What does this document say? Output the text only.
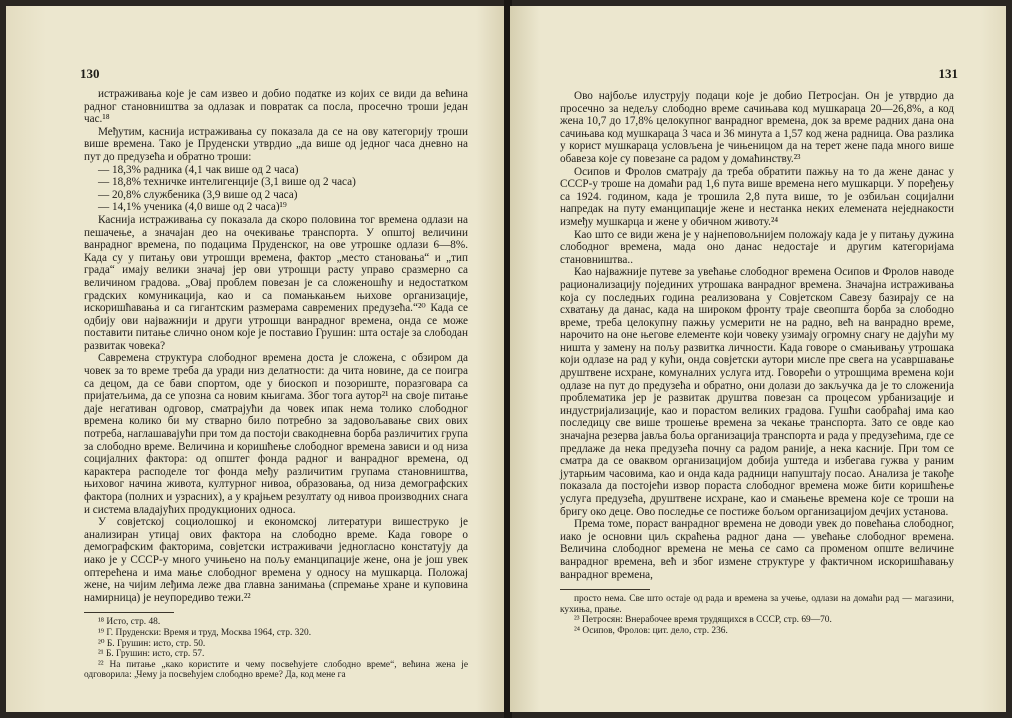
130

истраживања које је сам извео и добио податке из којих се види да већина радног становништва за одлазак и повратак са посла, просечно троши један час.¹⁸

Међутим, каснија истраживања су показала да се на ову категорију троши више времена. Тако је Пруденски утврдио „да више од једног часа дневно на пут до предузећа и обратно троши:

— 18,3% радника (4,1 чак више од 2 часа)
— 18,8% техничке интелигенције (3,1 више од 2 часа)
— 20,8% службеника (3,9 више од 2 часа)
— 14,1% ученика (4,0 више од 2 часа)¹⁹

Каснија истраживања су показала да скоро половина тог времена одлази на пешачење, а значајан део на очекивање транспорта. У општој величини ванрадног времена, по подацима Пруденског, на ове утрошке одлази 6—8%. Када су у питању ови утрошци времена, фактор „место становања“ и „тип града“ имају велики значај јер ови утрошци расту управо сразмерно са величином градова. „Овај проблем повезан је са сложеношћу и недостатком градских комуникација, као и са помањкањем њихове организације, искоришћавања и са гигантским размерама савремених предузећа.“²⁰ Када се одбију ови најважнији и други утрошци ванрадног времена, онда се може поставити питање слично оном које је поставио Грушин: шта остаје за слободан развитак човека?

Савремена структура слободног времена доста је сложена, с обзиром да човек за то време треба да уради низ делатности: да чита новине, да се поигра са децом, да се бави спортом, оде у биоскоп и позориште, поразговара са пријатељима, да се упозна са новим књигама. Због тога аутор²¹ на своје питање даје негативан одговор, сматрајући да човек ипак нема толико слободног времена колико би му стварно било потребно за задовољавање свих ових потреба, наглашавајући при том да постоји свакодневна борба различитих група за слободно време. Величина и коришћење слободног времена зависи и од низа социјалних фактора: од општег фонда радног и ванрадног времена, од карактера расподеле тог фонда међу различитим групама становништва, њиховог начина живота, културног нивоа, образовања, од низа демографских фактора (полних и узрасних), а у крајњем резултату од нивоа производних снага и система владајућих продукционих односа.

У совјетској социолошкој и економској литератури вишеструко је анализиран утицај ових фактора на слободно време. Када говоре о демографским факторима, совјетски истраживачи једногласно констатују да иако је у СССР-у много учињено на пољу еманципације жене, она је још увек оптерећена и има мање слободног времена у односу на мушкарца. Положај жене, на чијим леђима леже два главна занимања (спремање хране и куповина намирница) је неупоредиво тежи.²²

¹⁸ Исто, стр. 48.
¹⁹ Г. Пруденски: Время и труд, Москва 1964, стр. 320.
²⁰ Б. Грушин: исто, стр. 50.
²¹ Б. Грушин: исто, стр. 57.
²² На питање „како користите и чему посвећујете слободно време“, већина жена је одговорила: „Чему ја посвећујем слободно време? Да, код мене га
131

Ово најбоље илуструју подаци које је добио Петросјан. Он је утврдио да просечно за недељу слободно време сачињава код мушкараца 20—26,8%, а код жена 10,7 до 17,8% целокупног ванрадног времена, док за време радних дана она сачињава код мушкараца 3 часа и 36 минута а 1,57 код жена радница. Ова разлика у корист мушкараца условљена је чињеницом да на терет жене пада много више обавеза које су повезане са радом у домаћинству.²³

Осипов и Фролов сматрају да треба обратити пажњу на то да жене данас у СССР-у троше на домаћи рад 1,6 пута више времена него мушкарци. У поређењу са 1924. годином, када је трошила 2,8 пута више, то је озбиљан социјални напредак на путу еманципације жене и нестанка неких елемената неједнакости између мушкарца и жене у обичном животу.²⁴

Као што се види жена је у најнеповољнијем положају када је у питању дужина слободног времена, мада оно данас недостаје и другим категоријама становништва..

Као најважније путеве за увећање слободног времена Осипов и Фролов наводе рационализацију појединих утрошака ванрадног времена. Значајна истраживања која су последњих година реализована у Совјетском Савезу базирају се на схватању да данас, када на широком фронту траје свеопшта борба за слободно време, треба целокупну пажњу усмерити не на радно, већ на ванрадно време, нарочито на оне његове елементе који човеку узимају огромну снагу не дајући му ништа у замену на пољу развитка личности. Када говоре о смањивању утрошака који одлазе на рад у кући, онда совјетски аутори мисле пре свега на усавршавање друштвене исхране, комуналних услуга итд. Говорећи о утрошцима времена који одлазе на пут до предузећа и обратно, они долази до закључка да је то сложенија проблематика јер је развитак друштва повезан са процесом урбанизације и индустријализације, као и порастом великих градова. Гушћи саобраћај има као последицу све више трошење времена за чекање транспорта. Зато се овде као значајна резерва јавља боља организација транспорта и рада у предузећима, где се предлаже да нека предузећа почну са радом раније, а нека касније. При том се сматра да се оваквом организацијом добија уштеда и избегава гужва у раним јутарњим часовима, као и онда када радници напуштају посао. Анализа је такође показала да постојећи извор пораста слободног времена може бити коришћење услуга предузећа, друштвене исхране, као и смањење времена које се троши на бригу око деце. Ово последње се постиже бољом организацијом дечјих установа.

Према томе, пораст ванрадног времена не доводи увек до повећања слободног, иако је основни циљ скраћења радног дана — увећање слободног времена. Величина слободног времена не мења се само са променом опште величине ванрадног времена, већ и због измене структуре у фактичном искоришћавању ванрадног времена,

просто нема. Све што остаје од рада и времена за учење, одлази на домаћи рад — магазини, кухиња, прање.
²³ Петросян: Внерабочее время трудящихся в СССР, стр. 69—70.
²⁴ Осипов, Фролов: цит. дело, стр. 236.
